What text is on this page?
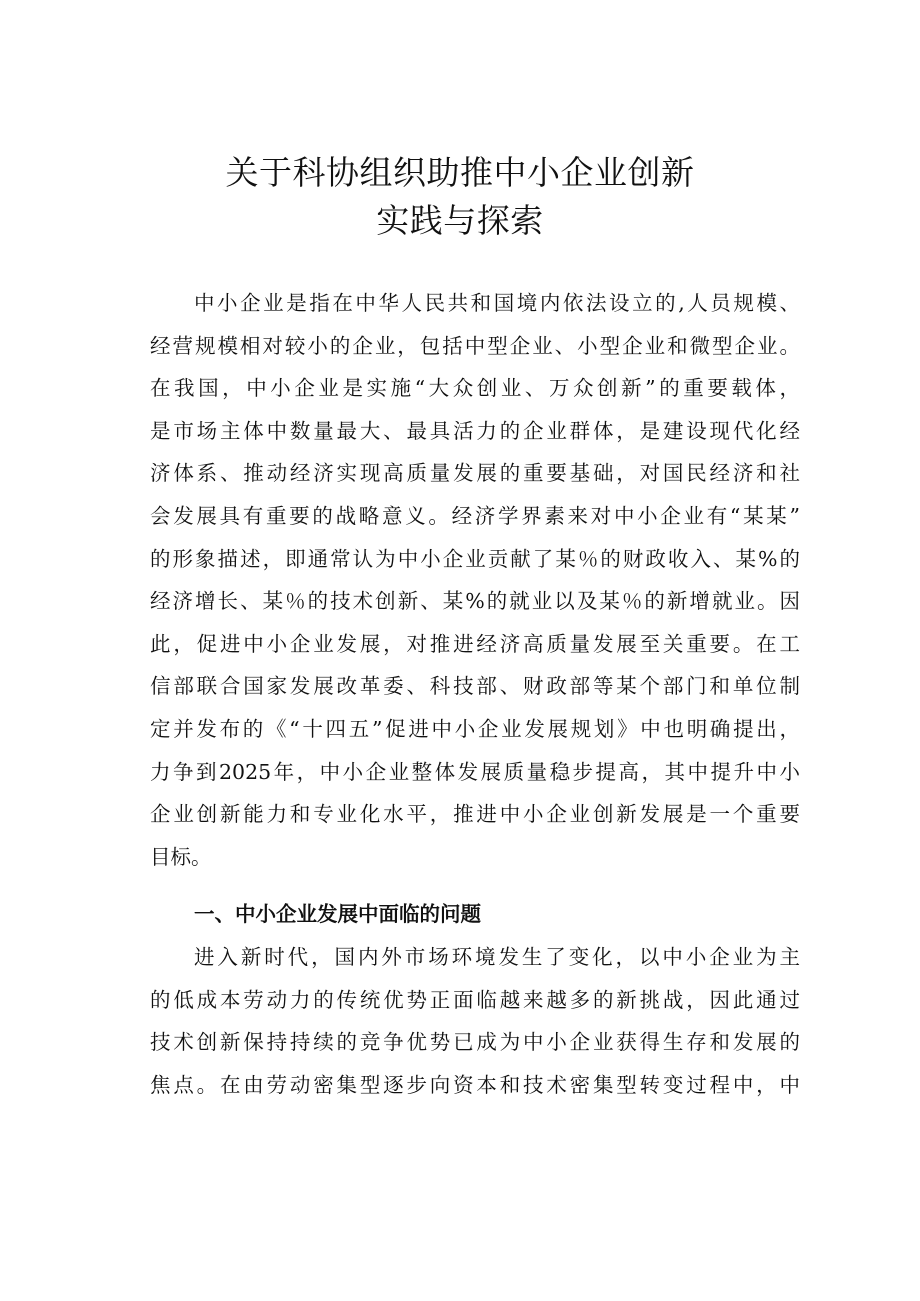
关于科协组织助推中小企业创新
实践与探索
中小企业是指在中华人民共和国境内依法设立的,人员规模、
经营规模相对较小的企业，包括中型企业、小型企业和微型企业。
在我国，中小企业是实施“大众创业、万众创新”的重要载体，
是市场主体中数量最大、最具活力的企业群体，是建设现代化经
济体系、推动经济实现高质量发展的重要基础，对国民经济和社
会发展具有重要的战略意义。经济学界素来对中小企业有“某某”
的形象描述，即通常认为中小企业贡献了某％的财政收入、某%的
经济增长、某％的技术创新、某%的就业以及某％的新增就业。因
此，促进中小企业发展，对推进经济高质量发展至关重要。在工
信部联合国家发展改革委、科技部、财政部等某个部门和单位制
定并发布的《“十四五”促进中小企业发展规划》中也明确提出，
力争到2025年，中小企业整体发展质量稳步提高，其中提升中小
企业创新能力和专业化水平，推进中小企业创新发展是一个重要
目标。
一、中小企业发展中面临的问题
进入新时代，国内外市场环境发生了变化，以中小企业为主
的低成本劳动力的传统优势正面临越来越多的新挑战，因此通过
技术创新保持持续的竞争优势已成为中小企业获得生存和发展的
焦点。在由劳动密集型逐步向资本和技术密集型转变过程中，中
